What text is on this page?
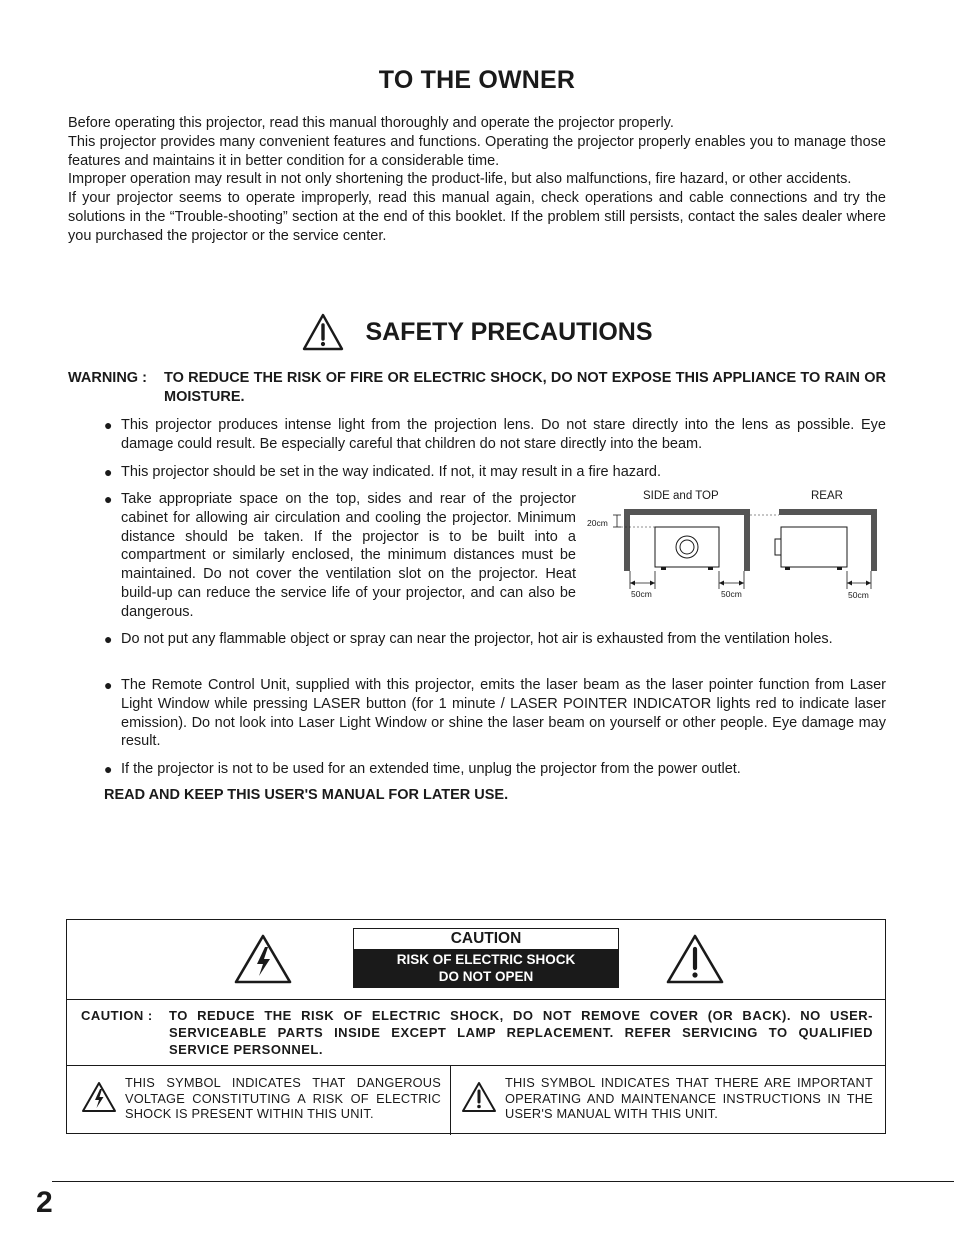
TO THE OWNER

Before operating this projector, read this manual thoroughly and operate the projector properly.

This projector provides many convenient features and functions. Operating the projector properly enables you to manage those features and maintains it in better condition for a considerable time.

Improper operation may result in not only shortening the product-life, but also malfunctions, fire hazard, or other accidents.

If your projector seems to operate improperly, read this manual again, check operations and cable connections and try the solutions in the “Trouble-shooting” section at the end of this booklet. If the problem still persists, contact the sales dealer where you purchased the projector or the service center.

SAFETY PRECAUTIONS
WARNING :	TO REDUCE THE RISK OF FIRE OR ELECTRIC SHOCK, DO NOT EXPOSE THIS APPLIANCE TO RAIN OR MOISTURE.
● This projector produces intense light from the projection lens. Do not stare directly into the lens as possible. Eye damage could result. Be especially careful that children do not stare directly into the beam.
● This projector should be set in the way indicated. If not, it may result in a fire hazard.
● Take appropriate space on the top, sides and rear of the projector cabinet for allowing air circulation and cooling the projector. Minimum distance should be taken. If the projector is to be built into a compartment or similarly enclosed, the minimum distances must be maintained. Do not cover the ventilation slot on the projector. Heat build-up can reduce the service life of your projector, and can also be dangerous.
● Do not put any flammable object or spray can near the projector, hot air is exhausted from the ventilation holes.
● The Remote Control Unit, supplied with this projector, emits the laser beam as the laser pointer function from Laser Light Window while pressing LASER button (for 1 minute / LASER POINTER INDICATOR lights red to indicate laser emission). Do not look into Laser Light Window or shine the laser beam on yourself or other people. Eye damage may result.
● If the projector is not to be used for an extended time, unplug the projector from the power outlet.
READ AND KEEP THIS USER'S MANUAL FOR LATER USE.
SIDE and TOP	REAR
20cm
50cm	50cm	50cm
CAUTION
RISK OF ELECTRIC SHOCK
DO NOT OPEN
CAUTION :	TO REDUCE THE RISK OF ELECTRIC SHOCK, DO NOT REMOVE COVER (OR BACK). NO USER-SERVICEABLE PARTS INSIDE EXCEPT LAMP REPLACEMENT. REFER SERVICING TO QUALIFIED SERVICE PERSONNEL.
THIS SYMBOL INDICATES THAT DANGEROUS VOLTAGE CONSTITUTING A RISK OF ELECTRIC SHOCK IS PRESENT WITHIN THIS UNIT.
THIS SYMBOL INDICATES THAT THERE ARE IMPORTANT OPERATING AND MAINTENANCE INSTRUCTIONS IN THE USER'S MANUAL WITH THIS UNIT.
2
